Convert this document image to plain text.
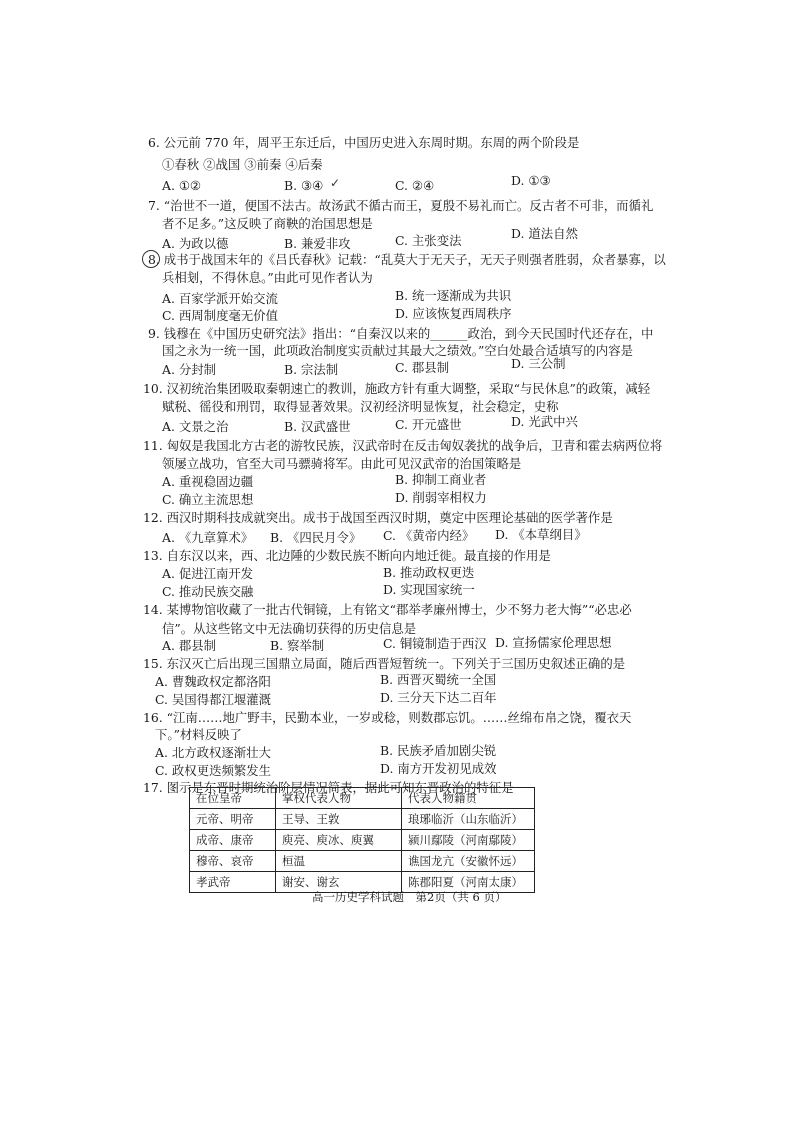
6. 公元前 770 年，周平王东迁后，中国历史进入东周时期。东周的两个阶段是
①春秋 ②战国 ③前秦 ④后秦
A. ①②	B. ③④ ✓	C. ②④	D. ①③
7. “治世不一道，便国不法古。故汤武不循古而王，夏殷不易礼而亡。反古者不可非，而循礼
者不足多。”这反映了商鞅的治国思想是
A. 为政以德	B. 兼爱非攻	C. 主张变法	D. 道法自然
8. 成书于战国末年的《吕氏春秋》记载：“乱莫大于无天子，无天子则强者胜弱，众者暴寡，以
兵相刬，不得休息。”由此可见作者认为
A. 百家学派开始交流	B. 统一逐渐成为共识
C. 西周制度毫无价值	D. 应该恢复西周秩序
9. 钱穆在《中国历史研究法》指出：“自秦汉以来的______政治，到今天民国时代还存在，中
国之永为一统一国，此项政治制度实贡献过其最大之绩效。”空白处最合适填写的内容是
A. 分封制	B. 宗法制	C. 郡县制	D. 三公制
10. 汉初统治集团吸取秦朝速亡的教训，施政方针有重大调整，采取“与民休息”的政策，减轻
赋税、徭役和刑罚，取得显著效果。汉初经济明显恢复，社会稳定，史称
A. 文景之治	B. 汉武盛世	C. 开元盛世	D. 光武中兴
11. 匈奴是我国北方古老的游牧民族，汉武帝时在反击匈奴袭扰的战争后，卫青和霍去病两位将
领屡立战功，官至大司马骠骑将军。由此可见汉武帝的治国策略是
A. 重视稳固边疆	B. 抑制工商业者
C. 确立主流思想	D. 削弱宰相权力
12. 西汉时期科技成就突出。成书于战国至西汉时期，奠定中医理论基础的医学著作是
A. 《九章算术》 B. 《四民月令》 C. 《黄帝内经》 D. 《本草纲目》
13. 自东汉以来，西、北边陲的少数民族不断向内地迁徙。最直接的作用是
A. 促进江南开发	B. 推动政权更迭
C. 推动民族交融	D. 实现国家统一
14. 某博物馆收藏了一批古代铜镜，上有铭文“郡举孝廉州博士，少不努力老大悔”“必忠必
信”。从这些铭文中无法确切获得的历史信息是
A. 郡县制	B. 察举制	C. 铜镜制造于西汉 D. 宣扬儒家伦理思想
15. 东汉灭亡后出现三国鼎立局面，随后西晋短暂统一。下列关于三国历史叙述正确的是
A. 曹魏政权定都洛阳	B. 西晋灭蜀统一全国
C. 吴国得都江堰灌溉	D. 三分天下达二百年
16. “江南……地广野丰，民勤本业，一岁或稔，则数郡忘饥。……丝绵布帛之饶，覆衣天
下。”材料反映了
A. 北方政权逐渐壮大	B. 民族矛盾加剧尖锐
C. 政权更迭频繁发生	D. 南方开发初见成效
17. 图示是东晋时期统治阶层情况简表，据此可知东晋政治的特征是
在位皇帝	掌权代表人物	代表人物籍贯
元帝、明帝	王导、王敦	琅琊临沂（山东临沂）
成帝、康帝	庾亮、庾冰、庾翼	颍川鄢陵（河南鄢陵）
穆帝、哀帝	桓温	谯国龙亢（安徽怀远）
孝武帝	谢安、谢玄	陈郡阳夏（河南太康）
高一历史学科试题　第2页（共 6 页）
